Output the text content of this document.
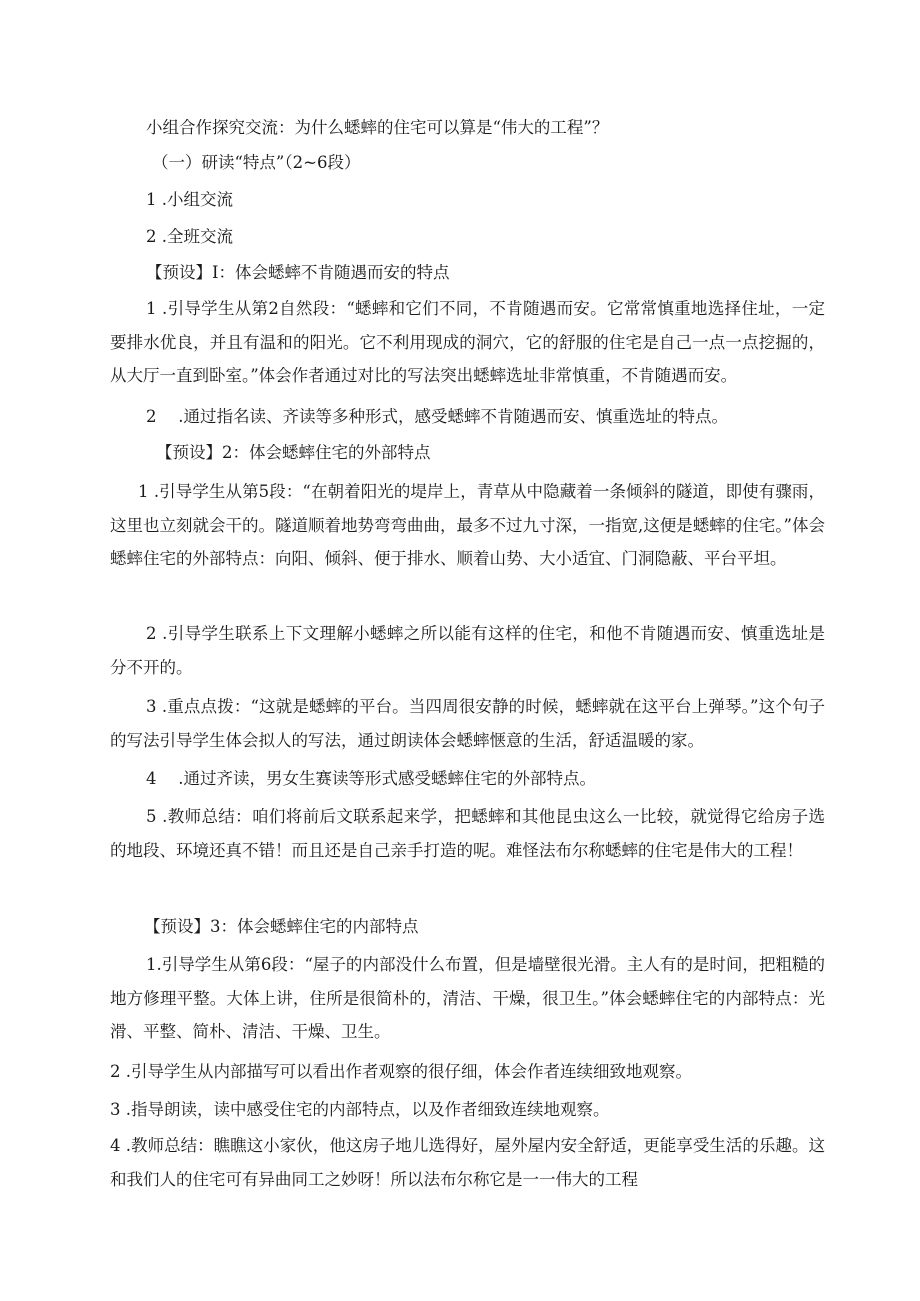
小组合作探究交流：为什么蟋蟀的住宅可以算是“伟大的工程”？

（一）研读“特点”（2~6段）

1 .小组交流

2 .全班交流

【预设】I：体会蟋蟀不肯随遇而安的特点

1 .引导学生从第2自然段：“蟋蟀和它们不同，不肯随遇而安。它常常慎重地选择住址，一定要排水优良，并且有温和的阳光。它不利用现成的洞穴，它的舒服的住宅是自己一点一点挖掘的，从大厅一直到卧室。”体会作者通过对比的写法突出蟋蟀选址非常慎重，不肯随遇而安。

2　 .通过指名读、齐读等多种形式，感受蟋蟀不肯随遇而安、慎重选址的特点。

【预设】2：体会蟋蟀住宅的外部特点

1 .引导学生从第5段：“在朝着阳光的堤岸上，青草从中隐藏着一条倾斜的隧道，即使有骤雨，这里也立刻就会干的。隧道顺着地势弯弯曲曲，最多不过九寸深，一指宽,这便是蟋蟀的住宅。”体会蟋蟀住宅的外部特点：向阳、倾斜、便于排水、顺着山势、大小适宜、门洞隐蔽、平台平坦。

2 .引导学生联系上下文理解小蟋蟀之所以能有这样的住宅，和他不肯随遇而安、慎重选址是分不开的。

3 .重点点拨：“这就是蟋蟀的平台。当四周很安静的时候，蟋蟀就在这平台上弹琴。”这个句子的写法引导学生体会拟人的写法，通过朗读体会蟋蟀惬意的生活，舒适温暖的家。

4　 .通过齐读，男女生赛读等形式感受蟋蟀住宅的外部特点。

5 .教师总结：咱们将前后文联系起来学，把蟋蟀和其他昆虫这么一比较，就觉得它给房子选的地段、环境还真不错！而且还是自己亲手打造的呢。难怪法布尔称蟋蟀的住宅是伟大的工程！

【预设】3：体会蟋蟀住宅的内部特点

1.引导学生从第6段：“屋子的内部没什么布置，但是墙壁很光滑。主人有的是时间，把粗糙的地方修理平整。大体上讲，住所是很简朴的，清洁、干燥，很卫生。”体会蟋蟀住宅的内部特点：光滑、平整、简朴、清洁、干燥、卫生。

2 .引导学生从内部描写可以看出作者观察的很仔细，体会作者连续细致地观察。

3 .指导朗读，读中感受住宅的内部特点，以及作者细致连续地观察。

4 .教师总结：瞧瞧这小家伙，他这房子地儿选得好，屋外屋内安全舒适，更能享受生活的乐趣。这和我们人的住宅可有异曲同工之妙呀！所以法布尔称它是一一伟大的工程
